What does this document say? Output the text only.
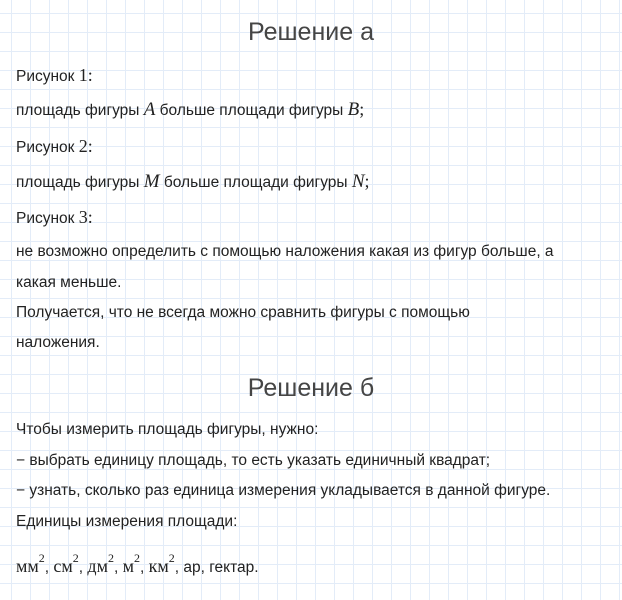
Решение а
Рисунок 1:
площадь фигуры A больше площади фигуры B;
Рисунок 2:
площадь фигуры M больше площади фигуры N;
Рисунок 3:
не возможно определить с помощью наложения какая из фигур больше, а
какая меньше.
Получается, что не всегда можно сравнить фигуры с помощью
наложения.
Решение б
Чтобы измерить площадь фигуры, нужно:
− выбрать единицу площадь, то есть указать единичный квадрат;
− узнать, сколько раз единица измерения укладывается в данной фигуре.
Единицы измерения площади:
$мм^2$, $см^2$, $дм^2$, $м^2$, $км^2$, ар, гектар.
